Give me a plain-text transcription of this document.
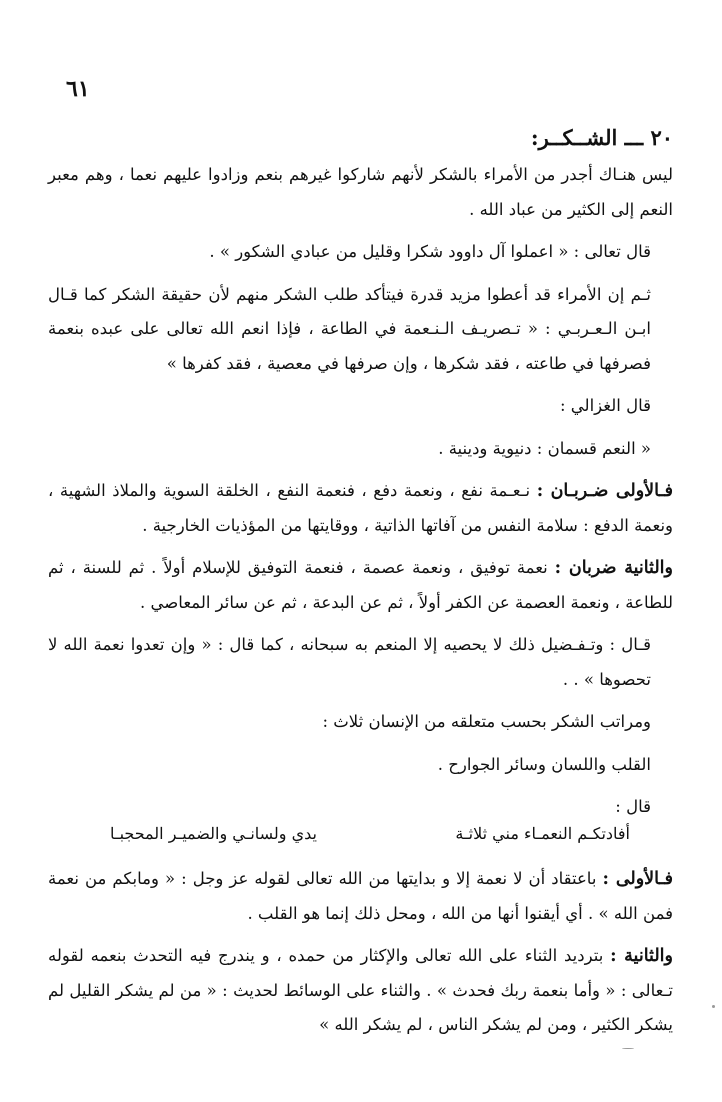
٦١

٢٠ ـــ الشــكــر:

ليس هنـاك أجدر من الأمراء بالشكر لأنهم شاركوا غيرهم بنعم وزادوا عليهم نعما ، وهم معبر النعم إلى الكثير من عباد الله .

قال تعالى : « اعملوا آل داوود شكرا وقليل من عبادي الشكور » .

ثـم إن الأمراء قد أعطوا مزيد قدرة فيتأكد طلب الشكر منهم لأن حقيقة الشكر كما قـال ابـن الـعـربـي : « تـصريـف الـنـعمة في الطاعة ، فإذا انعم الله تعالى على عبده بنعمة فصرفها في طاعته ، فقد شكرها ، وإن صرفها في معصية ، فقد كفرها »

قال الغزالي :

« النعم قسمان : دنيوية ودينية .

فـالأولى ضـربـان : نـعـمة نفع ، ونعمة دفع ، فنعمة النفع ، الخلقة السوية والملاذ الشهية ، ونعمة الدفع : سلامة النفس من آفاتها الذاتية ، ووقايتها من المؤذيات الخارجية .

والثانية ضربان : نعمة توفيق ، ونعمة عصمة ، فنعمة التوفيق للإسلام أولاً . ثم للسنة ، ثم للطاعة ، ونعمة العصمة عن الكفر أولاً ، ثم عن البدعة ، ثم عن سائر المعاصي .

قـال : وتـفـضيل ذلك لا يحصيه إلا المنعم به سبحانه ، كما قال : « وإن تعدوا نعمة الله لا تحصوها » . .

ومراتب الشكر بحسب متعلقه من الإنسان ثلاث :

القلب واللسان وسائر الجوارح .

قال :

أفادتكـم النعمـاء مني ثلاثـة
يدي ولسانـي والضميـر المحجبـا

فـالأولى : باعتقاد أن لا نعمة إلا و بدايتها من الله تعالى لقوله عز وجل : « ومابكم من نعمة فمن الله » . أي أيقنوا أنها من الله ، ومحل ذلك إنما هو القلب .

والثانية : بترديد الثناء على الله تعالى والإكثار من حمده ، و يندرج فيه التحدث بنعمه لقوله تـعالى : « وأما بنعمة ربك فحدث » . والثناء على الوسائط لحديث : « من لم يشكر القليل لم يشكر الكثير ، ومن لم يشكر الناس ، لم يشكر الله »
